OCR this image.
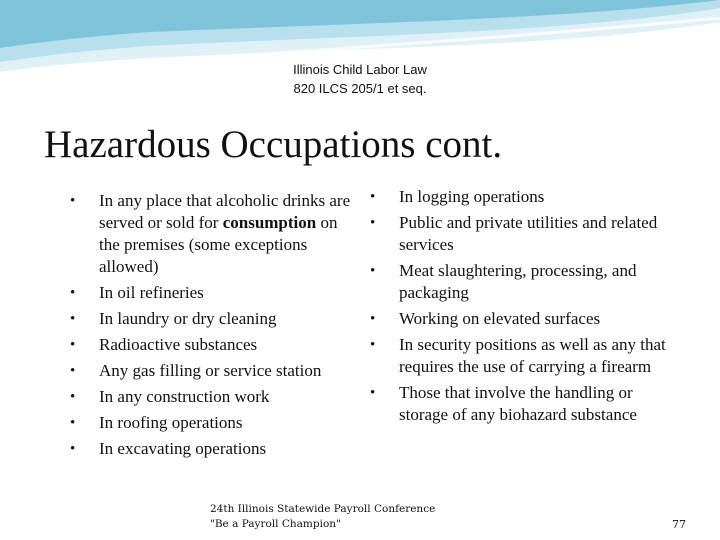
Illinois Child Labor Law
820 ILCS 205/1 et seq.
Hazardous Occupations cont.
• In any place that alcoholic drinks are served or sold for consumption on the premises (some exceptions allowed)
• In oil refineries
• In laundry or dry cleaning
• Radioactive substances
• Any gas filling or service station
• In any construction work
• In roofing operations
• In excavating operations
• In logging operations
• Public and private utilities and related services
• Meat slaughtering, processing, and packaging
• Working on elevated surfaces
• In security positions as well as any that requires the use of carrying a firearm
• Those that involve the handling or storage of any biohazard substance
24th Illinois Statewide Payroll Conference
"Be a Payroll Champion"	77
